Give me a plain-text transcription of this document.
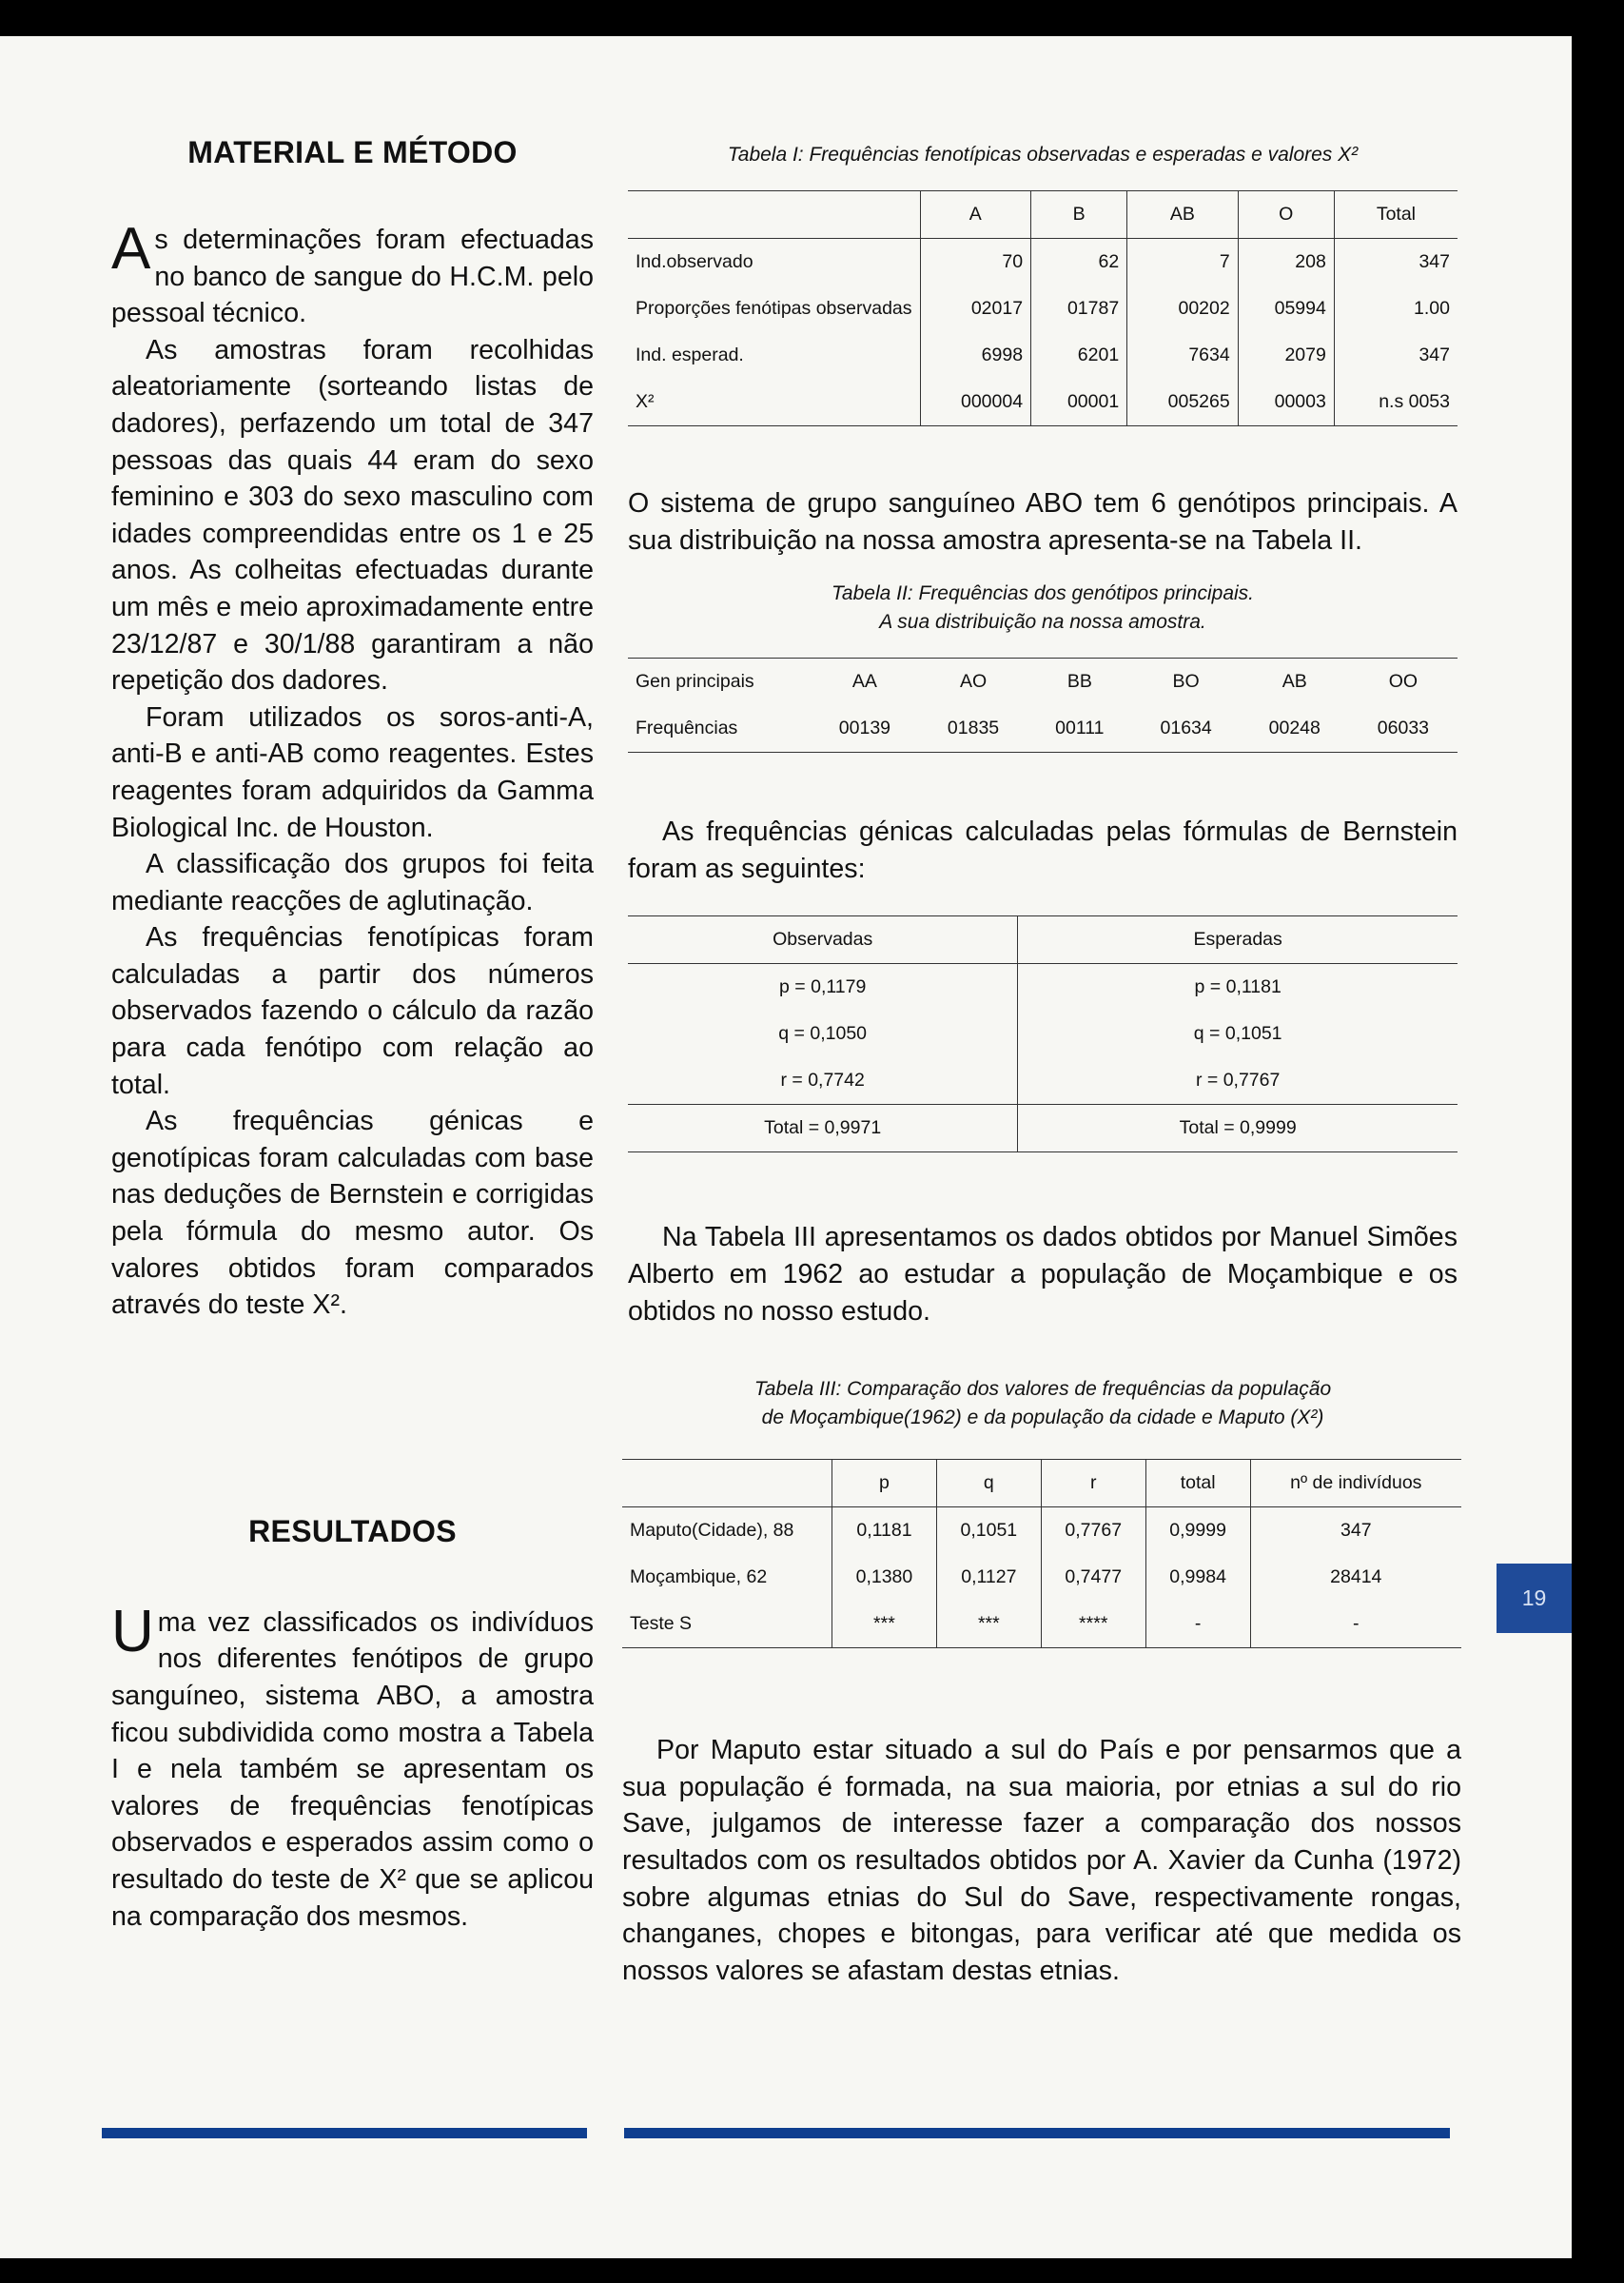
MATERIAL E MÉTODO

As determinações foram efectuadas no banco de sangue do H.C.M. pelo pessoal técnico.

As amostras foram recolhidas aleatoriamente (sorteando listas de dadores), perfazendo um total de 347 pessoas das quais 44 eram do sexo feminino e 303 do sexo masculino com idades compreendidas entre os 1 e 25 anos. As colheitas efectuadas durante um mês e meio aproximadamente entre 23/12/87 e 30/1/88 garantiram a não repetição dos dadores.

Foram utilizados os soros-anti-A, anti-B e anti-AB como reagentes. Estes reagentes foram adquiridos da Gamma Biological Inc. de Houston.

A classificação dos grupos foi feita mediante reacções de aglutinação.

As frequências fenotípicas foram calculadas a partir dos números observados fazendo o cálculo da razão para cada fenótipo com relação ao total.

As frequências génicas e genotípicas foram calculadas com base nas deduções de Bernstein e corrigidas pela fórmula do mesmo autor. Os valores obtidos foram comparados através do teste X².

RESULTADOS

Uma vez classificados os indivíduos nos diferentes fenótipos de grupo sanguíneo, sistema ABO, a amostra ficou subdividida como mostra a Tabela I e nela também se apresentam os valores de frequências fenotípicas observados e esperados assim como o resultado do teste de X² que se aplicou na comparação dos mesmos.

Tabela I: Frequências fenotípicas observadas e esperadas e valores X²

	A	B	AB	O	Total
Ind.observado	70	62	7	208	347
Proporções fenótipas observadas	02017	01787	00202	05994	1.00
Ind. esperad.	6998	6201	7634	2079	347
X²	000004	00001	005265	00003	n.s 0053

O sistema de grupo sanguíneo ABO tem 6 genótipos principais. A sua distribuição na nossa amostra apresenta-se na Tabela II.

Tabela II: Frequências dos genótipos principais.
A sua distribuição na nossa amostra.

Gen principais	AA	AO	BB	BO	AB	OO
Frequências	00139	01835	00111	01634	00248	06033

As frequências génicas calculadas pelas fórmulas de Bernstein foram as seguintes:

Observadas	Esperadas
p = 0,1179	p = 0,1181
q = 0,1050	q = 0,1051
r = 0,7742	r = 0,7767
Total = 0,9971	Total = 0,9999

Na Tabela III apresentamos os dados obtidos por Manuel Simões Alberto em 1962 ao estudar a população de Moçambique e os obtidos no nosso estudo.

Tabela III: Comparação dos valores de frequências da população
de Moçambique(1962) e da população da cidade e Maputo (X²)

	p	q	r	total	nº de indivíduos
Maputo(Cidade), 88	0,1181	0,1051	0,7767	0,9999	347
Moçambique, 62	0,1380	0,1127	0,7477	0,9984	28414
Teste S	***	***	****	-	-

Por Maputo estar situado a sul do País e por pensarmos que a sua população é formada, na sua maioria, por etnias a sul do rio Save, julgamos de interesse fazer a comparação dos nossos resultados com os resultados obtidos por A. Xavier da Cunha (1972) sobre algumas etnias do Sul do Save, respectivamente rongas, changanes, chopes e bitongas, para verificar até que medida os nossos valores se afastam destas etnias.

19
